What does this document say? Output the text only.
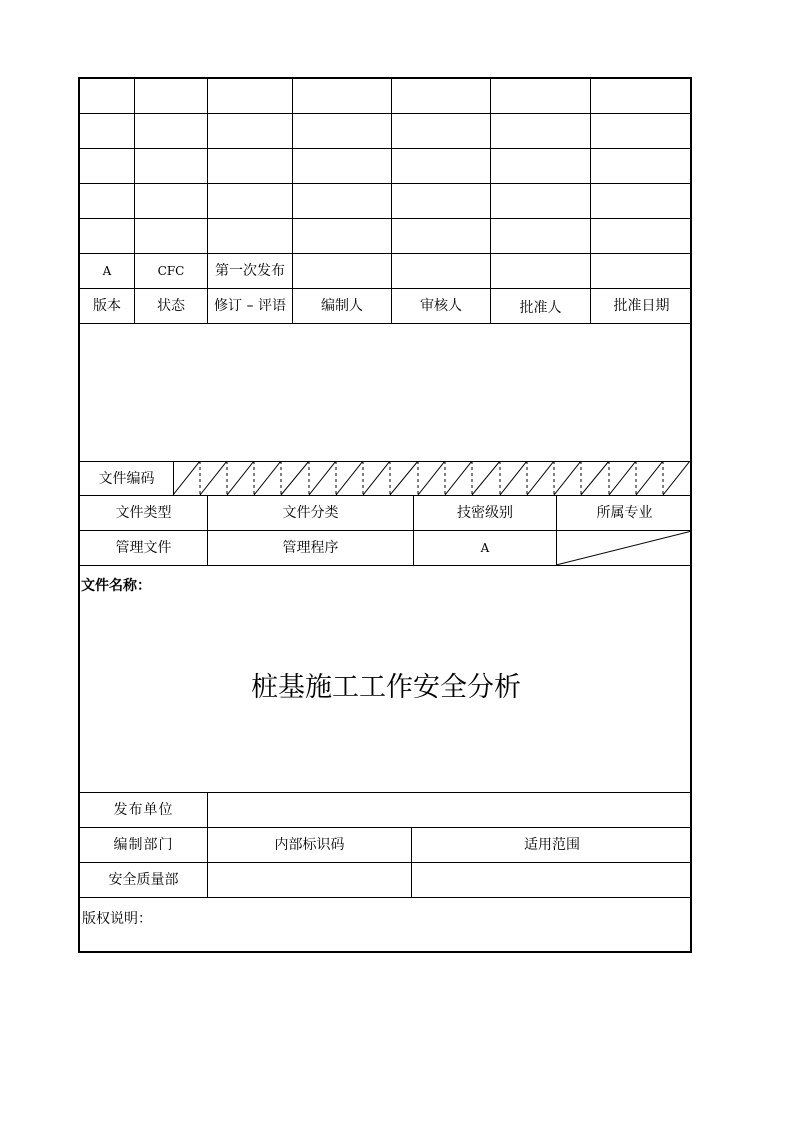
A	CFC	第一次发布
版本	状态	修订 – 评语	编制人	审核人	批准人	批准日期
文件编码
文件类型	文件分类	技密级别	所属专业
管理文件	管理程序	A
文件名称：
桩基施工工作安全分析
发布单位
编制部门	内部标识码	适用范围
安全质量部
版权说明：
